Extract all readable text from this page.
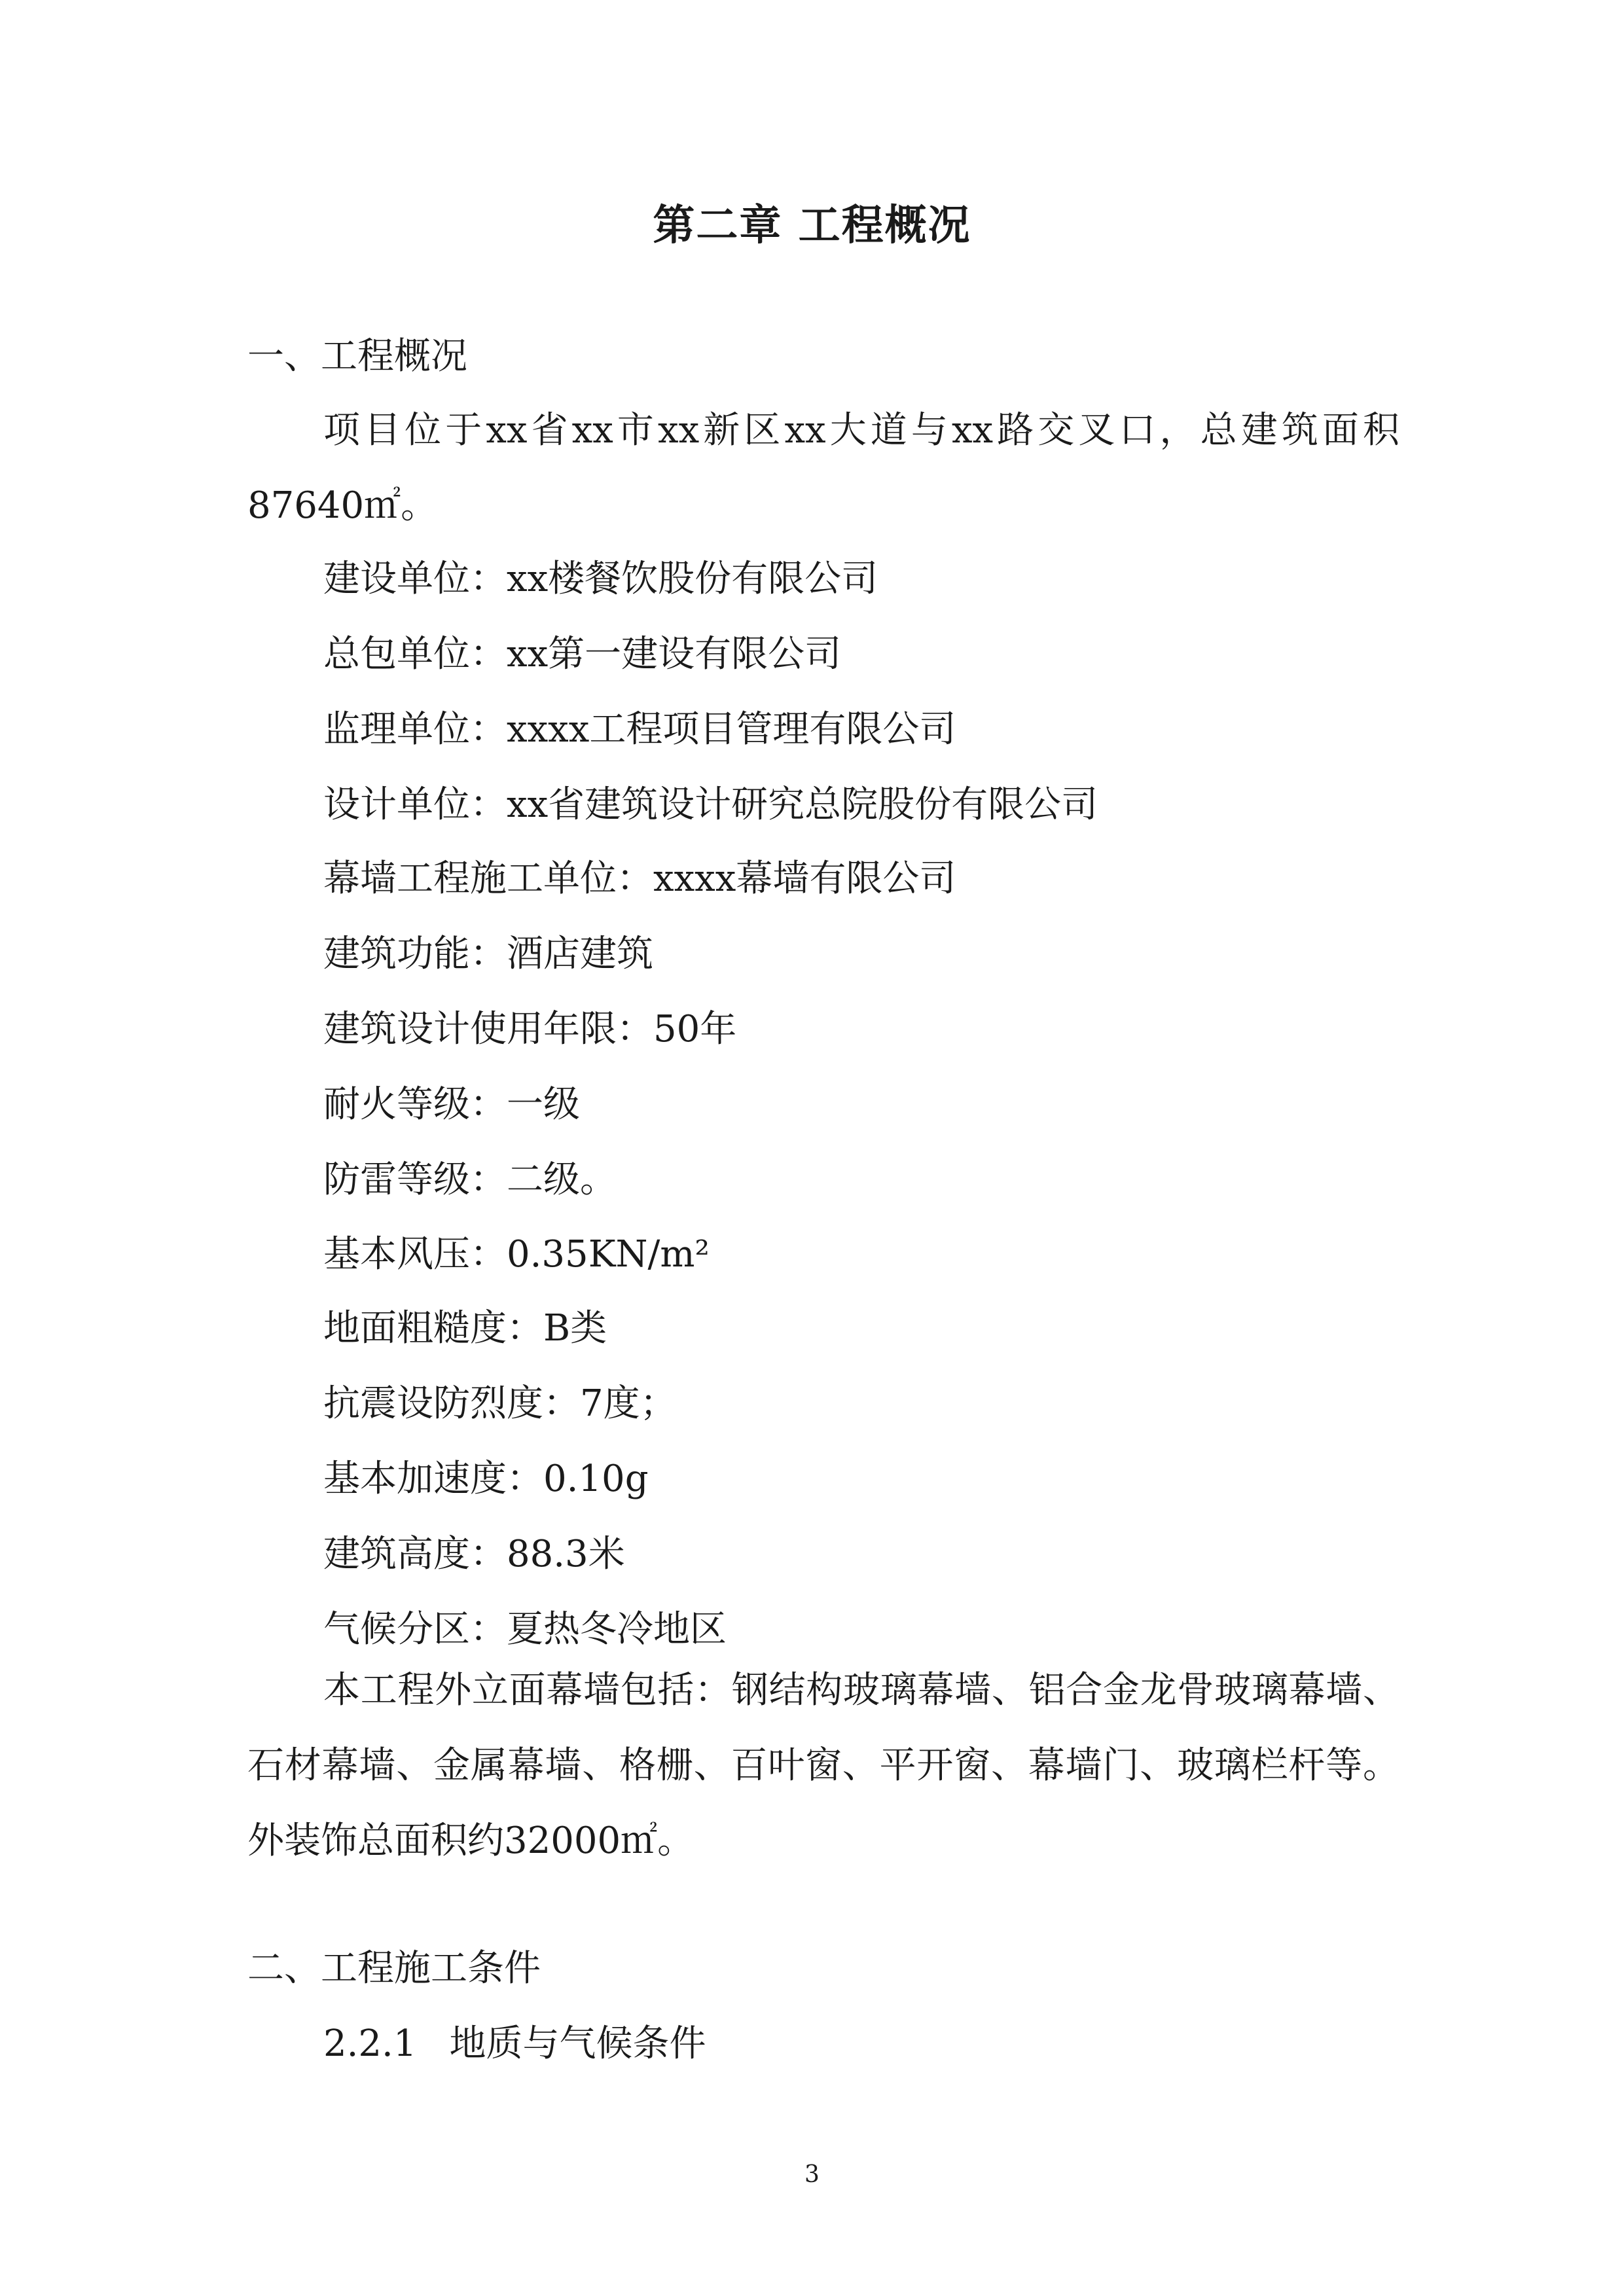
第二章 工程概况

一、工程概况

项目位于xx省xx市xx新区xx大道与xx路交叉口，总建筑面积87640㎡。

建设单位：xx楼餐饮股份有限公司

总包单位：xx第一建设有限公司

监理单位：xxxx工程项目管理有限公司

设计单位：xx省建筑设计研究总院股份有限公司

幕墙工程施工单位：xxxx幕墙有限公司

建筑功能：酒店建筑

建筑设计使用年限：50年

耐火等级：一级

防雷等级：二级。

基本风压：0.35KN/m²

地面粗糙度：B类

抗震设防烈度：7度；

基本加速度：0.10g

建筑高度：88.3米

气候分区：夏热冬冷地区

本工程外立面幕墙包括：钢结构玻璃幕墙、铝合金龙骨玻璃幕墙、石材幕墙、金属幕墙、格栅、百叶窗、平开窗、幕墙门、玻璃栏杆等。外装饰总面积约32000㎡。

二、工程施工条件

2.2.1 地质与气候条件

3
